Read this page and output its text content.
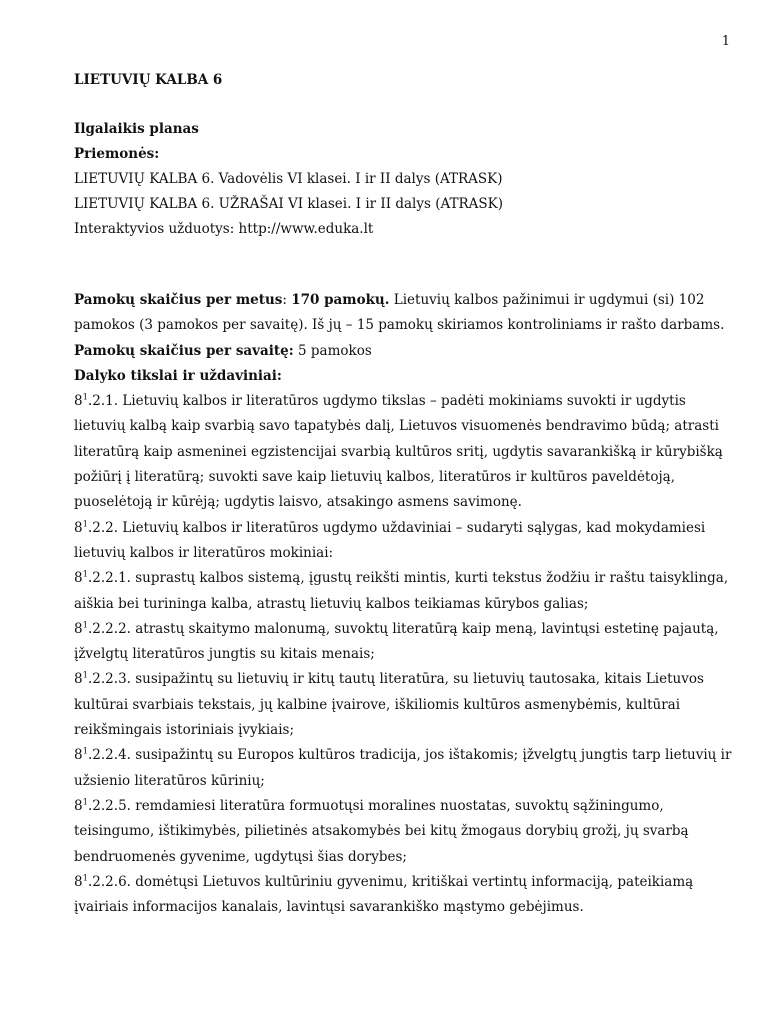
1

LIETUVIŲ KALBA 6

Ilgalaikis planas

Priemonės:

LIETUVIŲ KALBA 6. Vadovėlis VI klasei. I ir II dalys (ATRASK)

LIETUVIŲ KALBA 6. UŽRAŠAI VI klasei. I ir II dalys (ATRASK)

Interaktyvios užduotys: http://www.eduka.lt

Pamokų skaičius per metus: 170 pamokų. Lietuvių kalbos pažinimui ir ugdymui (si) 102 pamokos (3 pamokos per savaitę). Iš jų – 15 pamokų skiriamos kontroliniams ir rašto darbams.

Pamokų skaičius per savaitę: 5 pamokos

Dalyko tikslai ir uždaviniai:

$8^1.2.1$. Lietuvių kalbos ir literatūros ugdymo tikslas – padėti mokiniams suvokti ir ugdytis lietuvių kalbą kaip svarbią savo tapatybės dalį, Lietuvos visuomenės bendravimo būdą; atrasti literatūrą kaip asmeninei egzistencijai svarbią kultūros sritį, ugdytis savarankišką ir kūrybišką požiūrį į literatūrą; suvokti save kaip lietuvių kalbos, literatūros ir kultūros paveldėtoją, puoselėtoją ir kūrėją; ugdytis laisvo, atsakingo asmens savimonę.

$8^1.2.2$. Lietuvių kalbos ir literatūros ugdymo uždaviniai – sudaryti sąlygas, kad mokydamiesi lietuvių kalbos ir literatūros mokiniai:

$8^1.2.2.1$. suprastų kalbos sistemą, įgustų reikšti mintis, kurti tekstus žodžiu ir raštu taisyklinga, aiškia bei turininga kalba, atrastų lietuvių kalbos teikiamas kūrybos galias;

$8^1.2.2.2$. atrastų skaitymo malonumą, suvoktų literatūrą kaip meną, lavintųsi estetinę pajautą, įžvelgtų literatūros jungtis su kitais menais;

$8^1.2.2.3$. susipažintų su lietuvių ir kitų tautų literatūra, su lietuvių tautosaka, kitais Lietuvos kultūrai svarbiais tekstais, jų kalbine įvairove, iškiliomis kultūros asmenybėmis, kultūrai reikšmingais istoriniais įvykiais;

$8^1.2.2.4$. susipažintų su Europos kultūros tradicija, jos ištakomis; įžvelgtų jungtis tarp lietuvių ir užsienio literatūros kūrinių;

$8^1.2.2.5$. remdamiesi literatūra formuotųsi moralines nuostatas, suvoktų sąžiningumo, teisingumo, ištikimybės, pilietinės atsakomybės bei kitų žmogaus dorybių grožį, jų svarbą bendruomenės gyvenime, ugdytųsi šias dorybes;

$8^1.2.2.6$. domėtųsi Lietuvos kultūriniu gyvenimu, kritiškai vertintų informaciją, pateikiamą įvairiais informacijos kanalais, lavintųsi savarankiško mąstymo gebėjimus.
